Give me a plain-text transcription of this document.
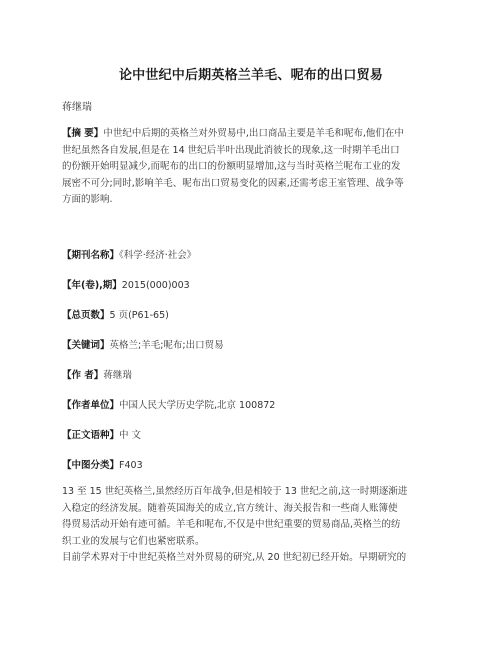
论中世纪中后期英格兰羊毛、呢布的出口贸易
蒋继瑞
【摘 要】中世纪中后期的英格兰对外贸易中,出口商品主要是羊毛和呢布,他们在中
世纪虽然各自发展,但是在 14 世纪后半叶出现此消彼长的现象,这一时期羊毛出口
的份额开始明显减少,而呢布的出口的份额明显增加,这与当时英格兰呢布工业的发
展密不可分;同时,影响羊毛、呢布出口贸易变化的因素,还需考虑王室管理、战争等
方面的影响.
【期刊名称】《科学·经济·社会》
【年(卷),期】2015(000)003
【总页数】5 页(P61-65)
【关键词】英格兰;羊毛;呢布;出口贸易
【作 者】蒋继瑞
【作者单位】中国人民大学历史学院,北京 100872
【正文语种】中 文
【中图分类】F403
13 至 15 世纪英格兰,虽然经历百年战争,但是相较于 13 世纪之前,这一时期逐渐进
入稳定的经济发展。随着英国海关的成立,官方统计、海关报告和一些商人账簿使
得贸易活动开始有迹可循。羊毛和呢布,不仅是中世纪重要的贸易商品,英格兰的纺
织工业的发展与它们也紧密联系。
目前学术界对于中世纪英格兰对外贸易的研究,从 20 世纪初已经开始。早期研究的
